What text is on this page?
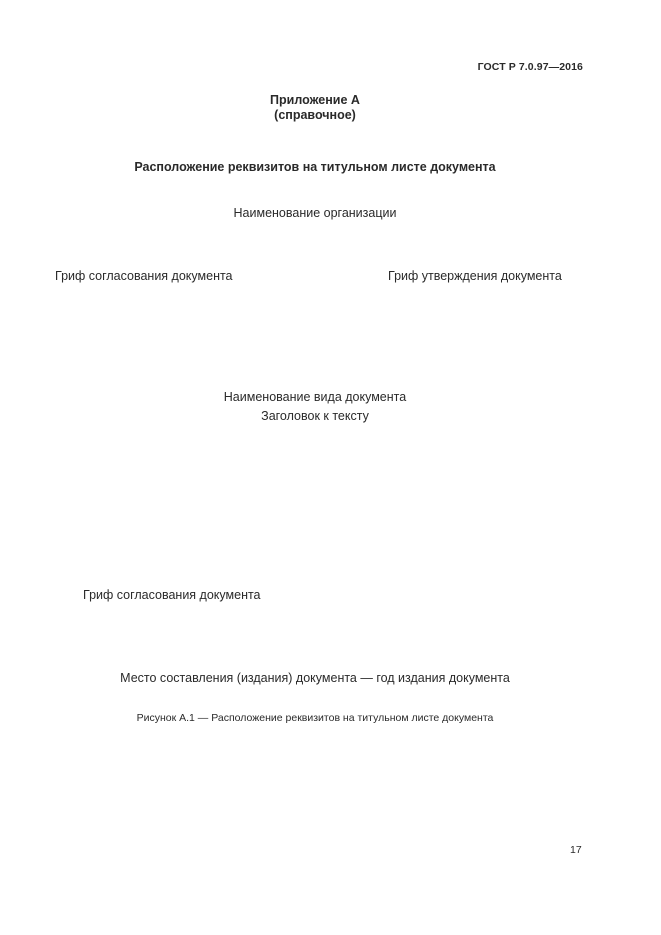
ГОСТ Р 7.0.97—2016
Приложение А
(справочное)
Расположение реквизитов на титульном листе документа
Наименование организации
Гриф согласования документа	Гриф утверждения документа
Наименование вида документа
Заголовок к тексту
Гриф согласования документа
Место составления (издания) документа — год издания документа
Рисунок А.1 — Расположение реквизитов на титульном листе документа
17
